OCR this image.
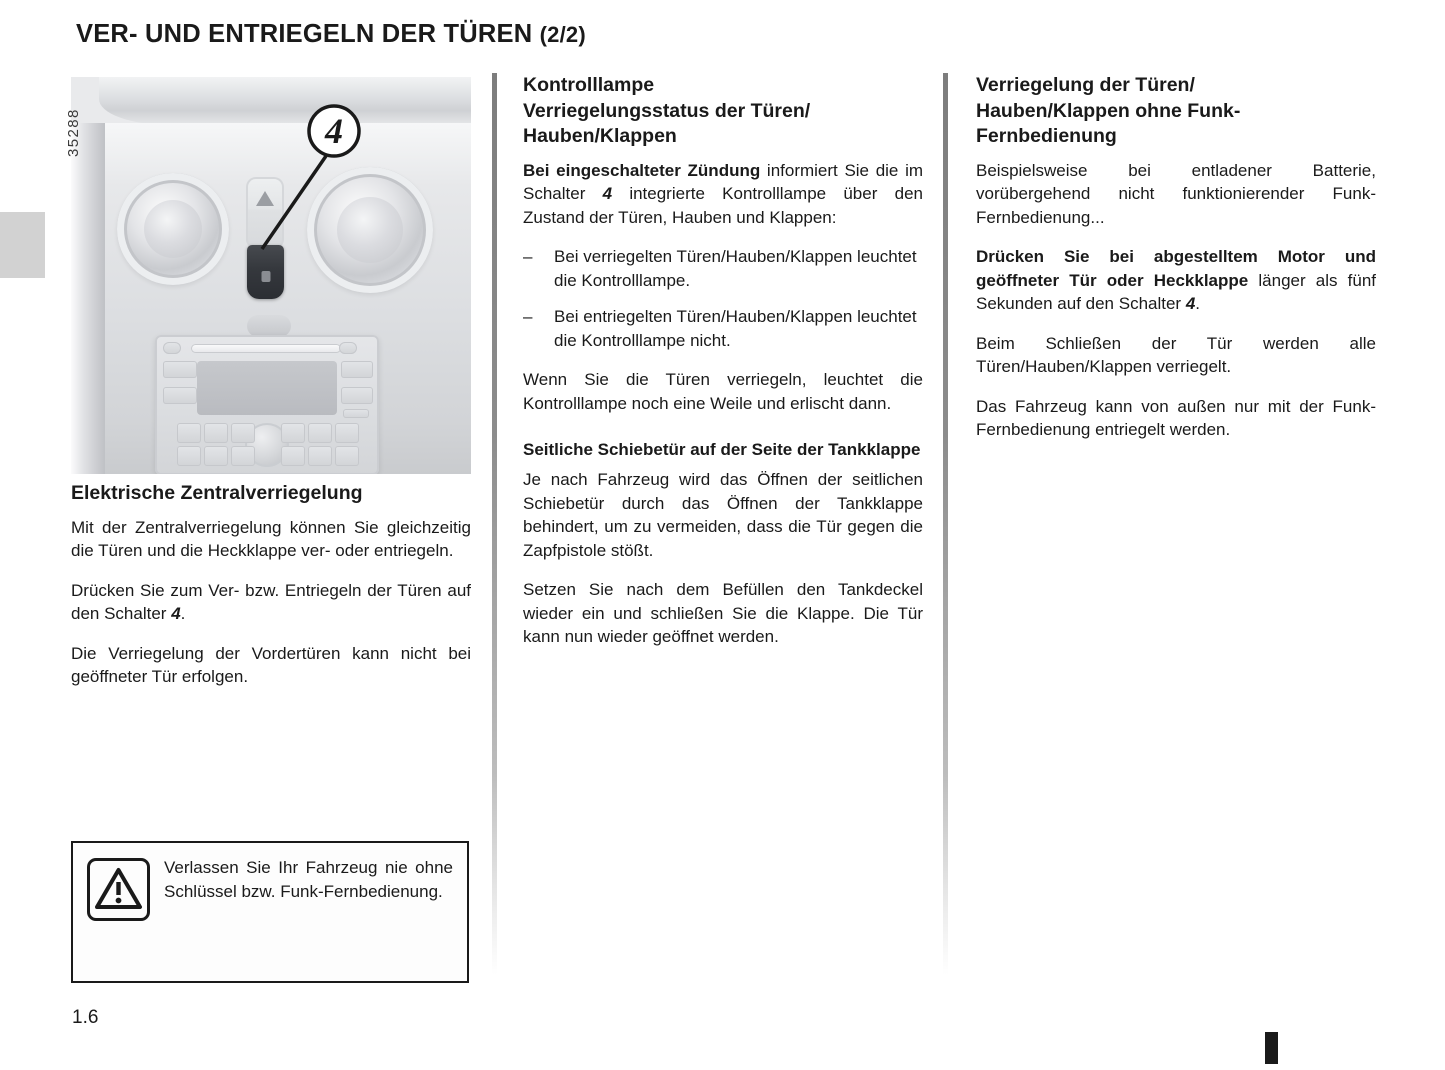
VER- UND ENTRIEGELN DER TÜREN (2/2)
4
35288
Elektrische Zentralverriegelung

Mit der Zentralverriegelung können Sie gleichzeitig die Türen und die Heckklappe ver- oder entriegeln.

Drücken Sie zum Ver- bzw. Entriegeln der Türen auf den Schalter 4.

Die Verriegelung der Vordertüren kann nicht bei geöffneter Tür erfolgen.

Verlassen Sie Ihr Fahrzeug nie ohne Schlüssel bzw. Funk-Fernbedienung.
Kontrolllampe
Verriegelungsstatus der Türen/
Hauben/Klappen

Bei eingeschalteter Zündung informiert Sie die im Schalter 4 integrierte Kontrolllampe über den Zustand der Türen, Hauben und Klappen:

– Bei verriegelten Türen/Hauben/Klappen leuchtet die Kontrolllampe.
– Bei entriegelten Türen/Hauben/Klappen leuchtet die Kontrolllampe nicht.

Wenn Sie die Türen verriegeln, leuchtet die Kontrolllampe noch eine Weile und erlischt dann.

Seitliche Schiebetür auf der Seite der Tankklappe

Je nach Fahrzeug wird das Öffnen der seitlichen Schiebetür durch das Öffnen der Tankklappe behindert, um zu vermeiden, dass die Tür gegen die Zapfpistole stößt.

Setzen Sie nach dem Befüllen den Tankdeckel wieder ein und schließen Sie die Klappe. Die Tür kann nun wieder geöffnet werden.

Verriegelung der Türen/
Hauben/Klappen ohne Funk-
Fernbedienung

Beispielsweise bei entladener Batterie, vorübergehend nicht funktionierender Funk-Fernbedienung...

Drücken Sie bei abgestelltem Motor und geöffneter Tür oder Heckklappe länger als fünf Sekunden auf den Schalter 4.

Beim Schließen der Tür werden alle Türen/Hauben/Klappen verriegelt.

Das Fahrzeug kann von außen nur mit der Funk-Fernbedienung entriegelt werden.

1.6
